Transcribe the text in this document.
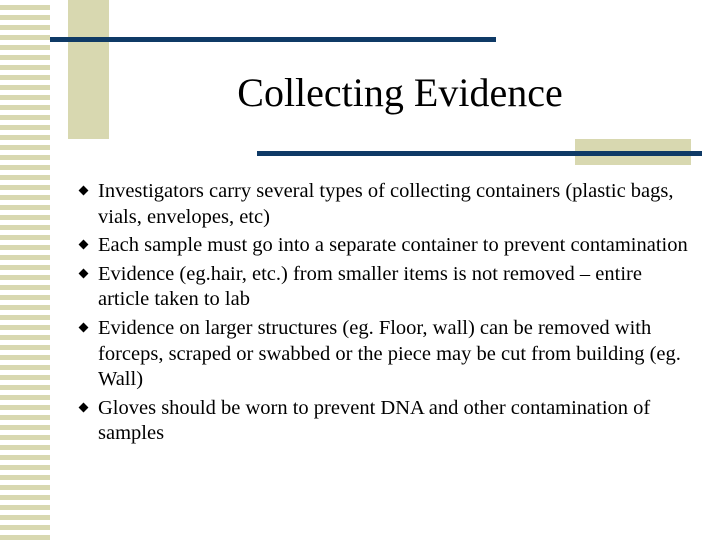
Collecting Evidence
Investigators carry several types of collecting containers (plastic bags, vials, envelopes, etc)
Each sample must go into a separate container to prevent contamination
Evidence (eg.hair, etc.) from smaller items is not removed – entire article taken to lab
Evidence on larger structures (eg. Floor, wall) can be removed with forceps, scraped or swabbed or the piece may be cut from building (eg. Wall)
Gloves should be worn to prevent DNA and other contamination of samples
